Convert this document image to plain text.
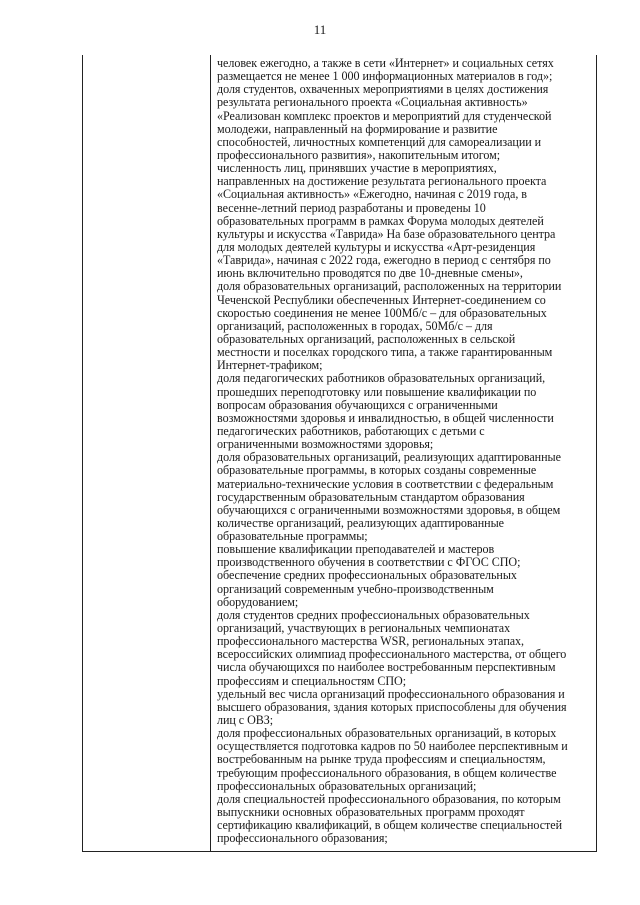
11
человек ежегодно, а также в сети «Интернет» и социальных сетях
размещается не менее 1 000 информационных материалов в год»;
доля студентов, охваченных мероприятиями в целях достижения
результата регионального проекта «Социальная активность»
«Реализован комплекс проектов и мероприятий для студенческой
молодежи, направленный на формирование и развитие
способностей, личностных компетенций для самореализации и
профессионального развития», накопительным итогом;
численность лиц, принявших участие в мероприятиях,
направленных на достижение результата регионального проекта
«Социальная активность» «Ежегодно, начиная с 2019 года, в
весенне-летний период разработаны и проведены 10
образовательных программ в рамках Форума молодых деятелей
культуры и искусства «Таврида» На базе образовательного центра
для молодых деятелей культуры и искусства «Арт-резиденция
«Таврида», начиная с 2022 года, ежегодно в период с сентября по
июнь включительно проводятся по две 10-дневные смены»,
доля образовательных организаций, расположенных на территории
Чеченской Республики обеспеченных Интернет-соединением со
скоростью соединения не менее 100Мб/с – для образовательных
организаций, расположенных в городах, 50Мб/с – для
образовательных организаций, расположенных в сельской
местности и поселках городского типа, а также гарантированным
Интернет-трафиком;
доля педагогических работников образовательных организаций,
прошедших переподготовку или повышение квалификации по
вопросам образования обучающихся с ограниченными
возможностями здоровья и инвалидностью, в общей численности
педагогических работников, работающих с детьми с
ограниченными возможностями здоровья;
доля образовательных организаций, реализующих адаптированные
образовательные программы, в которых созданы современные
материально-технические условия в соответствии с федеральным
государственным образовательным стандартом образования
обучающихся с ограниченными возможностями здоровья, в общем
количестве организаций, реализующих адаптированные
образовательные программы;
повышение квалификации преподавателей и мастеров
производственного обучения в соответствии с ФГОС СПО;
обеспечение средних профессиональных образовательных
организаций современным учебно-производственным
оборудованием;
доля студентов средних профессиональных образовательных
организаций, участвующих в региональных чемпионатах
профессионального мастерства WSR, региональных этапах,
всероссийских олимпиад профессионального мастерства, от общего
числа обучающихся по наиболее востребованным перспективным
профессиям и специальностям СПО;
удельный вес числа организаций профессионального образования и
высшего образования, здания которых приспособлены для обучения
лиц с ОВЗ;
доля профессиональных образовательных организаций, в которых
осуществляется подготовка кадров по 50 наиболее перспективным и
востребованным на рынке труда профессиям и специальностям,
требующим профессионального образования, в общем количестве
профессиональных образовательных организаций;
доля специальностей профессионального образования, по которым
выпускники основных образовательных программ проходят
сертификацию квалификаций, в общем количестве специальностей
профессионального образования;
